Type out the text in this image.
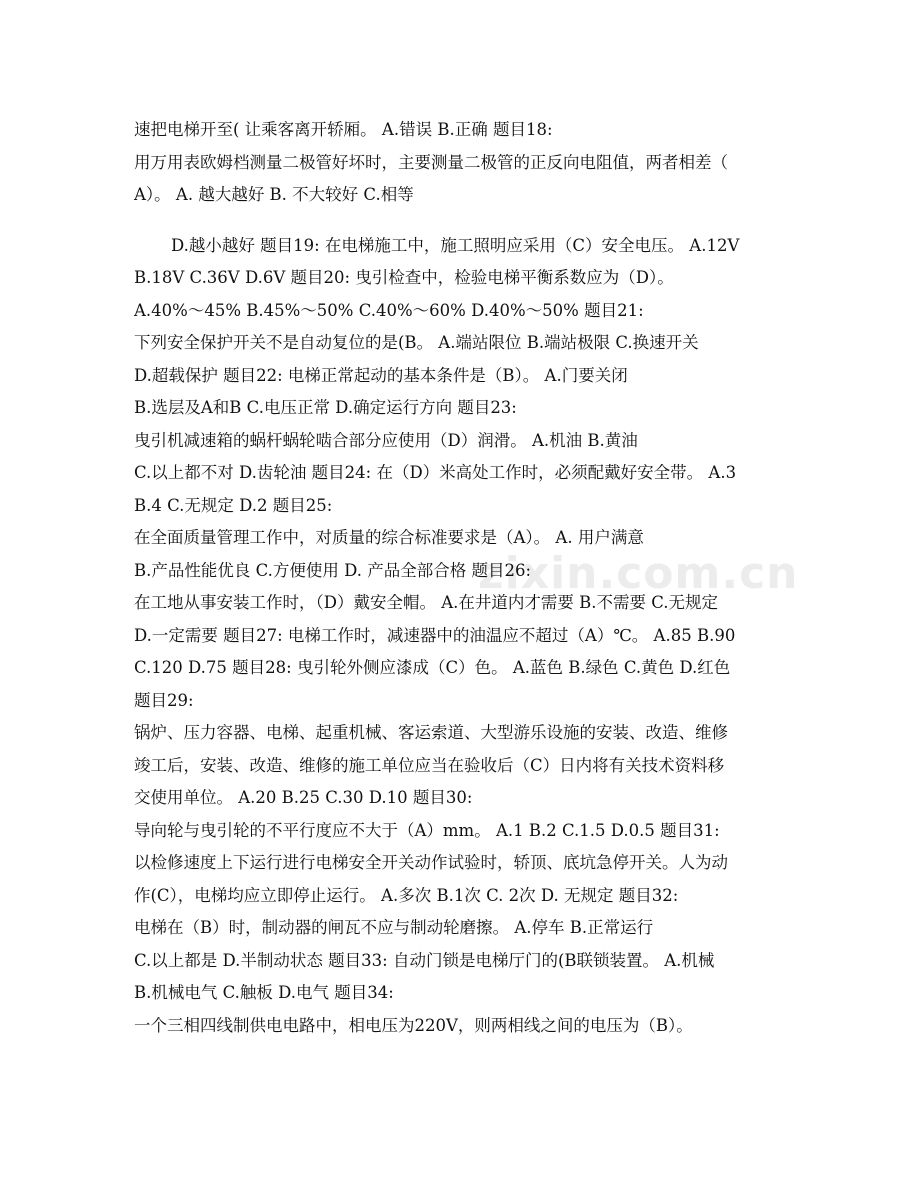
zixin.com.cn
速把电梯开至( 让乘客离开轿厢。 A.错误 B.正确 题目18:
用万用表欧姆档测量二极管好坏时，主要测量二极管的正反向电阻值，两者相差（
A）。 A. 越大越好 B. 不大较好 C.相等
D.越小越好 题目19: 在电梯施工中，施工照明应采用（C）安全电压。 A.12V
B.18V C.36V D.6V 题目20: 曳引检查中，检验电梯平衡系数应为（D）。
A.40%～45% B.45%～50% C.40%～60% D.40%～50% 题目21:
下列安全保护开关不是自动复位的是(B。 A.端站限位 B.端站极限 C.换速开关
D.超载保护 题目22: 电梯正常起动的基本条件是（B）。 A.门要关闭
B.选层及A和B C.电压正常 D.确定运行方向 题目23:
曳引机减速箱的蜗杆蜗轮啮合部分应使用（D）润滑。 A.机油 B.黄油
C.以上都不对 D.齿轮油 题目24: 在（D）米高处工作时，必须配戴好安全带。 A.3
B.4 C.无规定 D.2 题目25:
在全面质量管理工作中，对质量的综合标准要求是（A）。 A. 用户满意
B.产品性能优良 C.方便使用 D. 产品全部合格 题目26:
在工地从事安装工作时，（D）戴安全帽。 A.在井道内才需要 B.不需要 C.无规定
D.一定需要 题目27: 电梯工作时，减速器中的油温应不超过（A）℃。 A.85 B.90
C.120 D.75 题目28: 曳引轮外侧应漆成（C）色。 A.蓝色 B.绿色 C.黄色 D.红色
题目29:
锅炉、压力容器、电梯、起重机械、客运索道、大型游乐设施的安装、改造、维修
竣工后，安装、改造、维修的施工单位应当在验收后（C）日内将有关技术资料移
交使用单位。 A.20 B.25 C.30 D.10 题目30:
导向轮与曳引轮的不平行度应不大于（A）mm。 A.1 B.2 C.1.5 D.0.5 题目31:
以检修速度上下运行进行电梯安全开关动作试验时，轿顶、底坑急停开关。人为动
作(C），电梯均应立即停止运行。 A.多次 B.1次 C. 2次 D. 无规定 题目32:
电梯在（B）时，制动器的闸瓦不应与制动轮磨擦。 A.停车 B.正常运行
C.以上都是 D.半制动状态 题目33: 自动门锁是电梯厅门的(B联锁装置。 A.机械
B.机械电气 C.触板 D.电气 题目34:
一个三相四线制供电电路中，相电压为220V，则两相线之间的电压为（B）。
